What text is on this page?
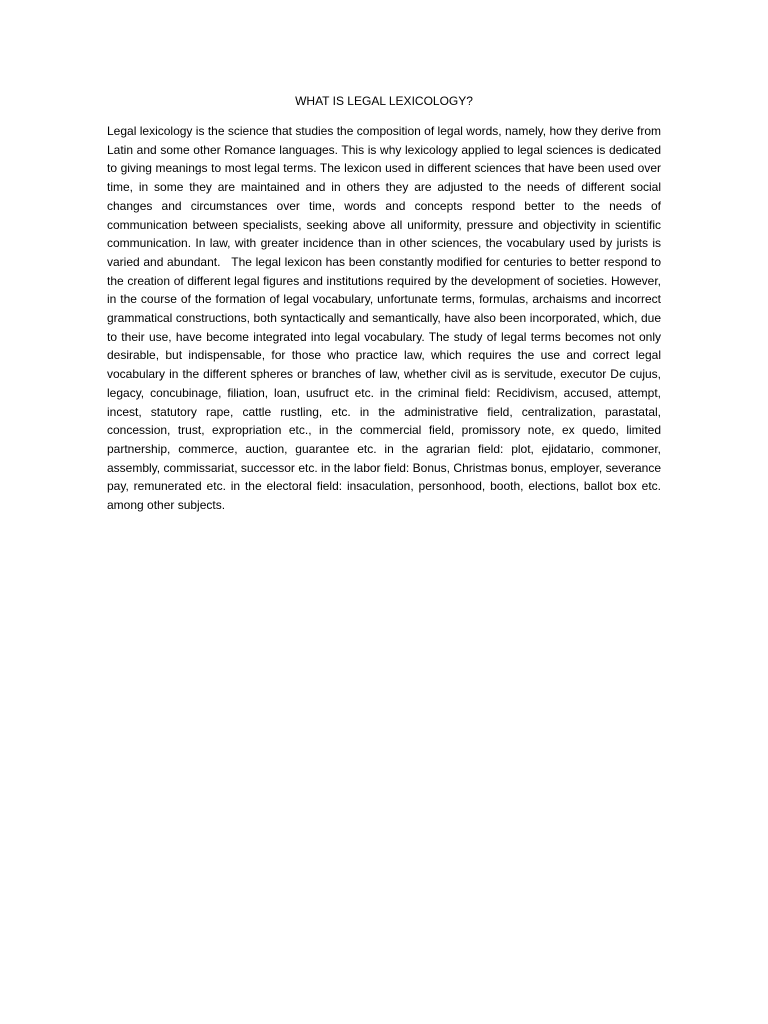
WHAT IS LEGAL LEXICOLOGY?

Legal lexicology is the science that studies the composition of legal words, namely, how they derive from Latin and some other Romance languages. This is why lexicology applied to legal sciences is dedicated to giving meanings to most legal terms. The lexicon used in different sciences that have been used over time, in some they are maintained and in others they are adjusted to the needs of different social changes and circumstances over time, words and concepts respond better to the needs of communication between specialists, seeking above all uniformity, pressure and objectivity in scientific communication. In law, with greater incidence than in other sciences, the vocabulary used by jurists is varied and abundant.   The legal lexicon has been constantly modified for centuries to better respond to the creation of different legal figures and institutions required by the development of societies. However, in the course of the formation of legal vocabulary, unfortunate terms, formulas, archaisms and incorrect grammatical constructions, both syntactically and semantically, have also been incorporated, which, due to their use, have become integrated into legal vocabulary. The study of legal terms becomes not only desirable, but indispensable, for those who practice law, which requires the use and correct legal vocabulary in the different spheres or branches of law, whether civil as is servitude, executor De cujus, legacy, concubinage, filiation, loan, usufruct etc. in the criminal field: Recidivism, accused, attempt, incest, statutory rape, cattle rustling, etc. in the administrative field, centralization, parastatal, concession, trust, expropriation etc., in the commercial field, promissory note, ex quedo, limited partnership, commerce, auction, guarantee etc. in the agrarian field: plot, ejidatario, commoner, assembly, commissariat, successor etc. in the labor field: Bonus, Christmas bonus, employer, severance pay, remunerated etc. in the electoral field: insaculation, personhood, booth, elections, ballot box etc. among other subjects.
